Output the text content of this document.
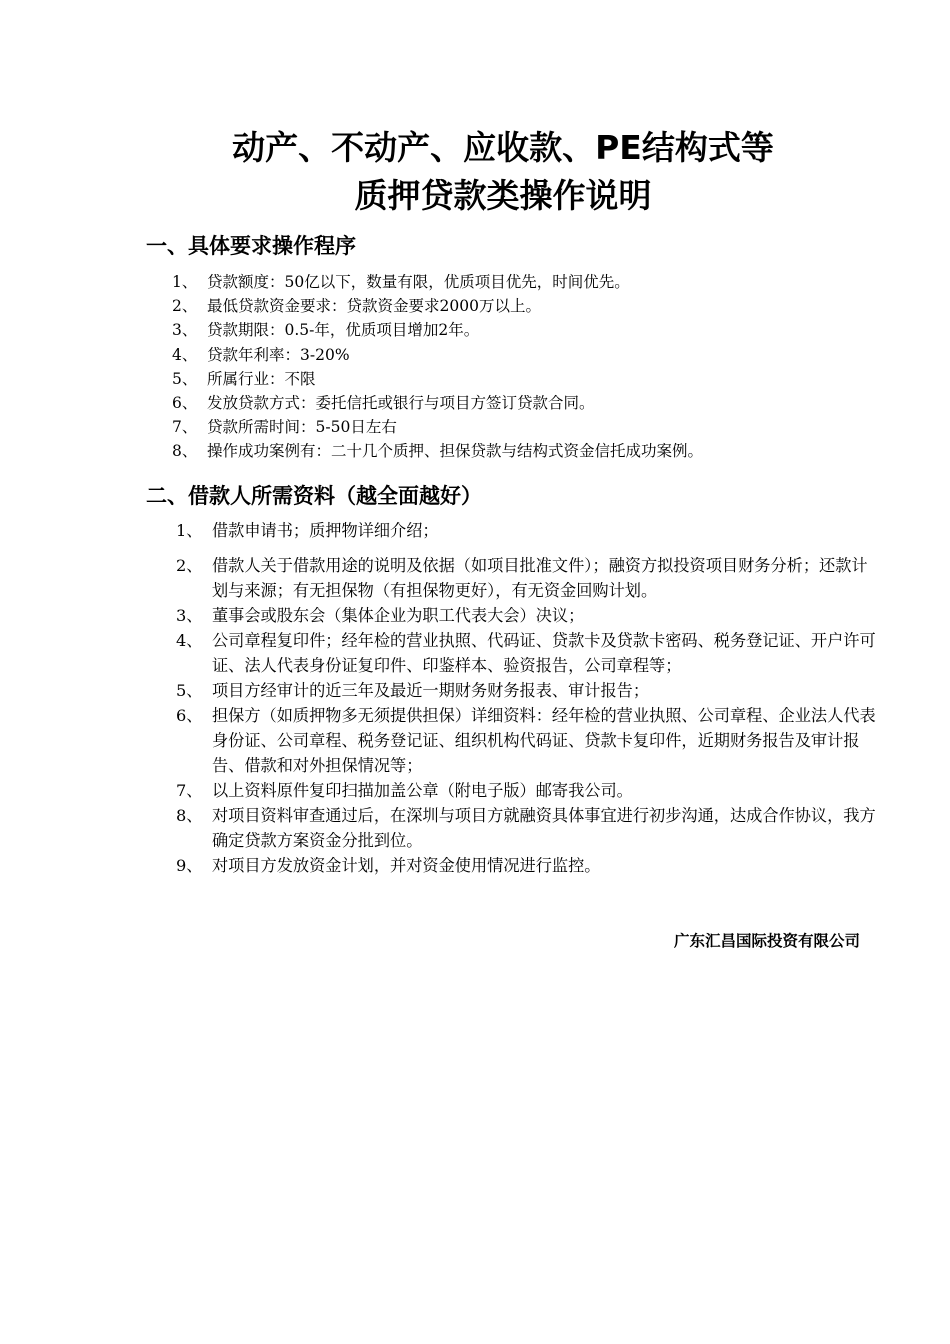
动产、不动产、应收款、PE结构式等
质押贷款类操作说明
一、具体要求操作程序
1、 贷款额度：50亿以下，数量有限，优质项目优先，时间优先。
2、 最低贷款资金要求：贷款资金要求2000万以上。
3、 贷款期限：0.5-年，优质项目增加2年。
4、 贷款年利率：3-20%
5、 所属行业：不限
6、 发放贷款方式：委托信托或银行与项目方签订贷款合同。
7、 贷款所需时间：5-50日左右
8、 操作成功案例有：二十几个质押、担保贷款与结构式资金信托成功案例。
二、借款人所需资料（越全面越好）
1、 借款申请书；质押物详细介绍；
2、 借款人关于借款用途的说明及依据（如项目批准文件）；融资方拟投资项目财务分析；还款计划与来源；有无担保物（有担保物更好），有无资金回购计划。
3、 董事会或股东会（集体企业为职工代表大会）决议；
4、 公司章程复印件；经年检的营业执照、代码证、贷款卡及贷款卡密码、税务登记证、开户许可证、法人代表身份证复印件、印鉴样本、验资报告，公司章程等；
5、 项目方经审计的近三年及最近一期财务财务报表、审计报告；
6、 担保方（如质押物多无须提供担保）详细资料：经年检的营业执照、公司章程、企业法人代表身份证、公司章程、税务登记证、组织机构代码证、贷款卡复印件，近期财务报告及审计报告、借款和对外担保情况等；
7、 以上资料原件复印扫描加盖公章（附电子版）邮寄我公司。
8、 对项目资料审查通过后，在深圳与项目方就融资具体事宜进行初步沟通，达成合作协议，我方确定贷款方案资金分批到位。
9、 对项目方发放资金计划，并对资金使用情况进行监控。
广东汇昌国际投资有限公司
